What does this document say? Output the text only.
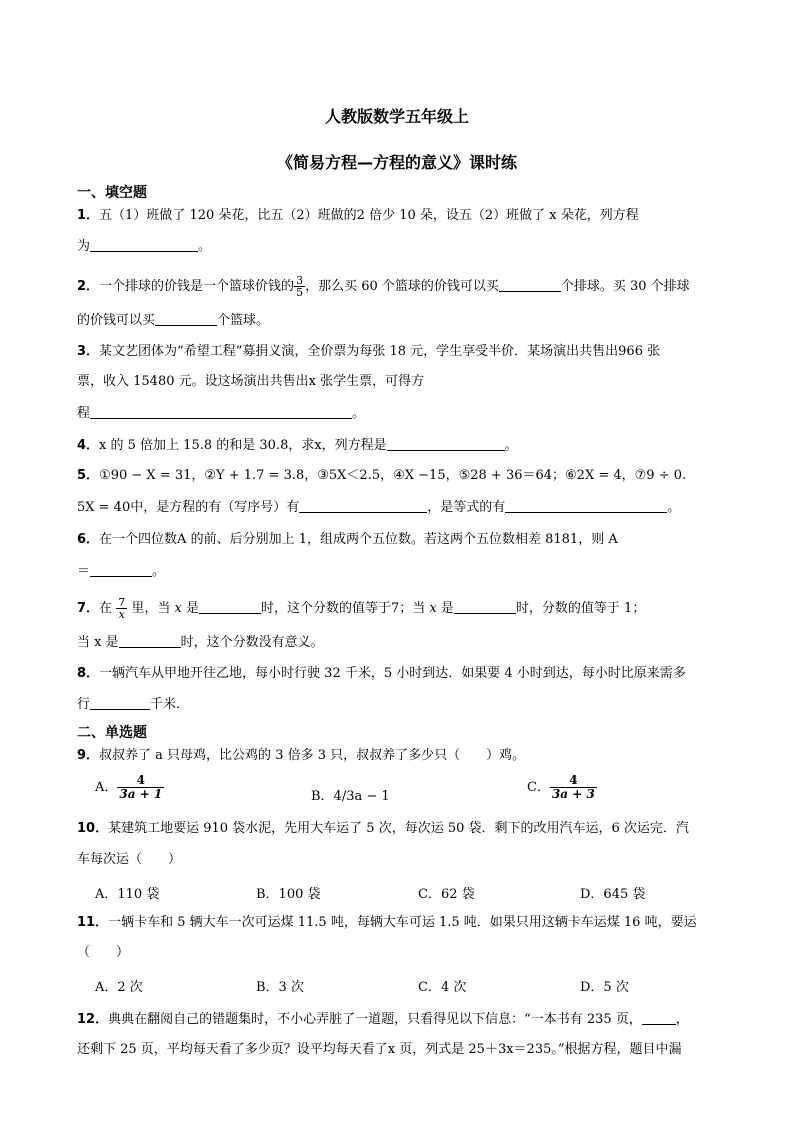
人教版数学五年级上
《简易方程—方程的意义》课时练
一、填空题
1．五（1）班做了 120 朵花，比五（2）班做的2 倍少 10 朵，设五（2）班做了 x 朵花，列方程
为	。
2．一个排球的价钱是一个篮球价钱的 $\frac{3}{5}$ ，那么买 60 个篮球的价钱可以买	个排球。买 30 个排球
的价钱可以买	个篮球。
3．某文艺团体为“希望工程”募捐义演，全价票为每张 18 元，学生享受半价．某场演出共售出966 张
票，收入 15480 元。设这场演出共售出x 张学生票，可得方
程	。
4．x 的 5 倍加上 15.8 的和是 30.8，求x，列方程是	。
5．①90 − X = 31，②Y + 1.7 = 3.8，③5X＜2.5，④X −15，⑤28 + 36＝64；⑥2X = 4，⑦9 ÷ 0.
5X = 40中，是方程的有（写序号）有	，是等式的有	。
6．在一个四位数A 的前、后分别加上 1，组成两个五位数。若这两个五位数相差 8181，则 A
＝	。
7．在 $\frac{7}{x}$ 里，当 x 是	时，这个分数的值等于7；当 x 是	时，分数的值等于 1；
当 x 是	时，这个分数没有意义。
8．一辆汽车从甲地开往乙地，每小时行驶 32 千米，5 小时到达．如果要 4 小时到达，每小时比原来需多
行	千米．
二、单选题
9．叔叔养了 a 只母鸡，比公鸡的 3 倍多 3 只，叔叔养了多少只（　　）鸡。
A． $\frac{4}{3a + 1}$	B．4/3a − 1
C． $\frac{4}{3a + 3}$
10．某建筑工地要运 910 袋水泥，先用大车运了 5 次，每次运 50 袋．剩下的改用汽车运，6 次运完．汽
车每次运（　　）
A．110 袋	B．100 袋	C．62 袋	D．645 袋
11．一辆卡车和 5 辆大车一次可运煤 11.5 吨，每辆大车可运 1.5 吨．如果只用这辆卡车运煤 16 吨，要运
（　　）
A．2 次	B．3 次	C．4 次	D．5 次
12．典典在翻阅自己的错题集时，不小心弄脏了一道题，只看得见以下信息：“一本书有 235 页，	，
还剩下 25 页，平均每天看了多少页？设平均每天看了x 页，列式是 25＋3x＝235。”根据方程，题目中漏
